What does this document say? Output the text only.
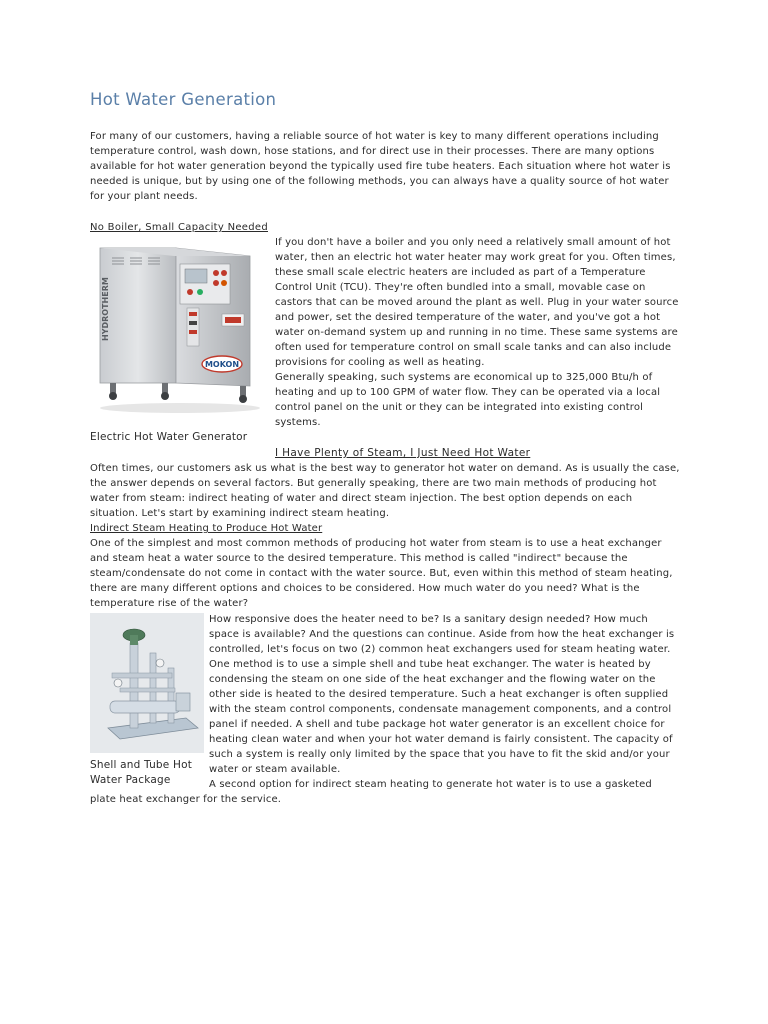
Hot Water Generation

For many of our customers, having a reliable source of hot water is key to many different operations including temperature control, wash down, hose stations, and for direct use in their processes. There are many options available for hot water generation beyond the typically used fire tube heaters. Each situation where hot water is needed is unique, but by using one of the following methods, you can always have a quality source of hot water for your plant needs.

No Boiler, Small Capacity Needed

HYDROTHERM
MOKON

If you don't have a boiler and you only need a relatively small amount of hot water, then an electric hot water heater may work great for you. Often times, these small scale electric heaters are included as part of a Temperature Control Unit (TCU). They're often bundled into a small, movable case on castors that can be moved around the plant as well. Plug in your water source and power, set the desired temperature of the water, and you've got a hot water on-demand system up and running in no time. These same systems are often used for temperature control on small scale tanks and can also include provisions for cooling as well as heating.

Generally speaking, such systems are economical up to 325,000 Btu/h of heating and up to 100 GPM of water flow. They can be operated via a local control panel on the unit or they can be integrated into existing control systems.

Electric Hot Water Generator

I Have Plenty of Steam, I Just Need Hot Water

Often times, our customers ask us what is the best way to generator hot water on demand. As is usually the case, the answer depends on several factors. But generally speaking, there are two main methods of producing hot water from steam: indirect heating of water and direct steam injection. The best option depends on each situation. Let's start by examining indirect steam heating.

Indirect Steam Heating to Produce Hot Water

One of the simplest and most common methods of producing hot water from steam is to use a heat exchanger and steam heat a water source to the desired temperature. This method is called "indirect" because the steam/condensate do not come in contact with the water source. But, even within this method of steam heating, there are many different options and choices to be considered. How much water do you need? What is the temperature rise of the water?

How responsive does the heater need to be? Is a sanitary design needed? How much space is available? And the questions can continue. Aside from how the heat exchanger is controlled, let's focus on two (2) common heat exchangers used for steam heating water. One method is to use a simple shell and tube heat exchanger. The water is heated by condensing the steam on one side of the heat exchanger and the flowing water on the other side is heated to the desired temperature. Such a heat exchanger is often supplied with the steam control components, condensate management components, and a control panel if needed. A shell and tube package hot water generator is an excellent choice for heating clean water and when your hot water demand is fairly consistent. The capacity of such a system is really only limited by the space that you have to fit the skid and/or your water or steam available.

Shell and Tube Hot Water Package	A second option for indirect steam heating to generate hot water is to use a gasketed plate heat exchanger for the service.
